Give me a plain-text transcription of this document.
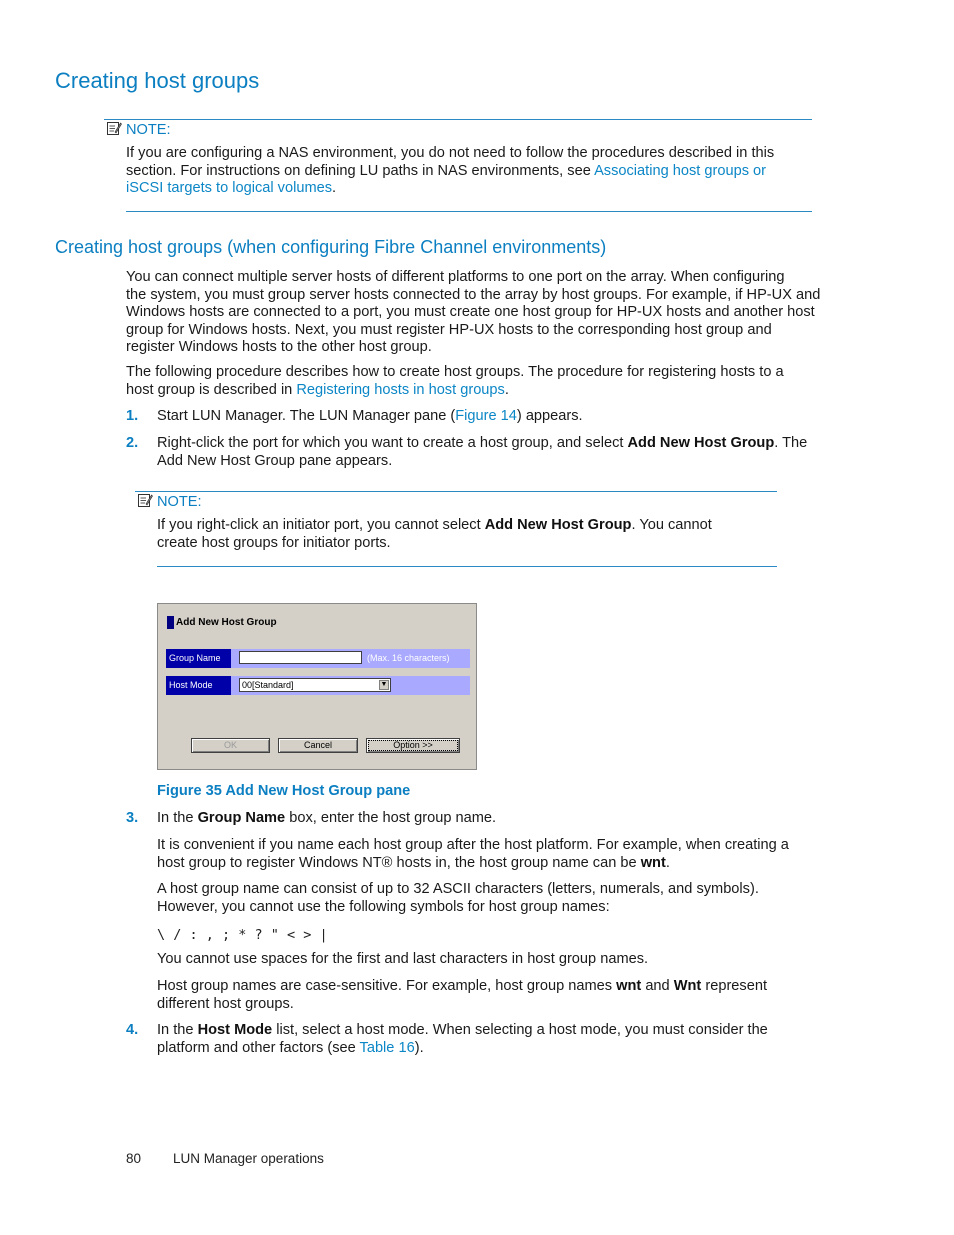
Creating host groups
NOTE:
If you are configuring a NAS environment, you do not need to follow the procedures described in this
section. For instructions on defining LU paths in NAS environments, see Associating host groups or
iSCSI targets to logical volumes.
Creating host groups (when configuring Fibre Channel environments)
You can connect multiple server hosts of different platforms to one port on the array. When configuring
the system, you must group server hosts connected to the array by host groups. For example, if HP-UX and
Windows hosts are connected to a port, you must create one host group for HP-UX hosts and another host
group for Windows hosts. Next, you must register HP-UX hosts to the corresponding host group and
register Windows hosts to the other host group.
The following procedure describes how to create host groups. The procedure for registering hosts to a
host group is described in Registering hosts in host groups.
1. Start LUN Manager. The LUN Manager pane (Figure 14) appears.
2. Right-click the port for which you want to create a host group, and select Add New Host Group. The
Add New Host Group pane appears.
NOTE:
If you right-click an initiator port, you cannot select Add New Host Group. You cannot
create host groups for initiator ports.
Add New Host Group
Group Name	(Max. 16 characters)
Host Mode	00[Standard]	▼
OK	Cancel	Option >>
Figure 35 Add New Host Group pane
3. In the Group Name box, enter the host group name.
It is convenient if you name each host group after the host platform. For example, when creating a
host group to register Windows NT® hosts in, the host group name can be wnt.
A host group name can consist of up to 32 ASCII characters (letters, numerals, and symbols).
However, you cannot use the following symbols for host group names:
\ / : , ; * ? " < > |
You cannot use spaces for the first and last characters in host group names.
Host group names are case-sensitive. For example, host group names wnt and Wnt represent
different host groups.
4. In the Host Mode list, select a host mode. When selecting a host mode, you must consider the
platform and other factors (see Table 16).
80 LUN Manager operations
